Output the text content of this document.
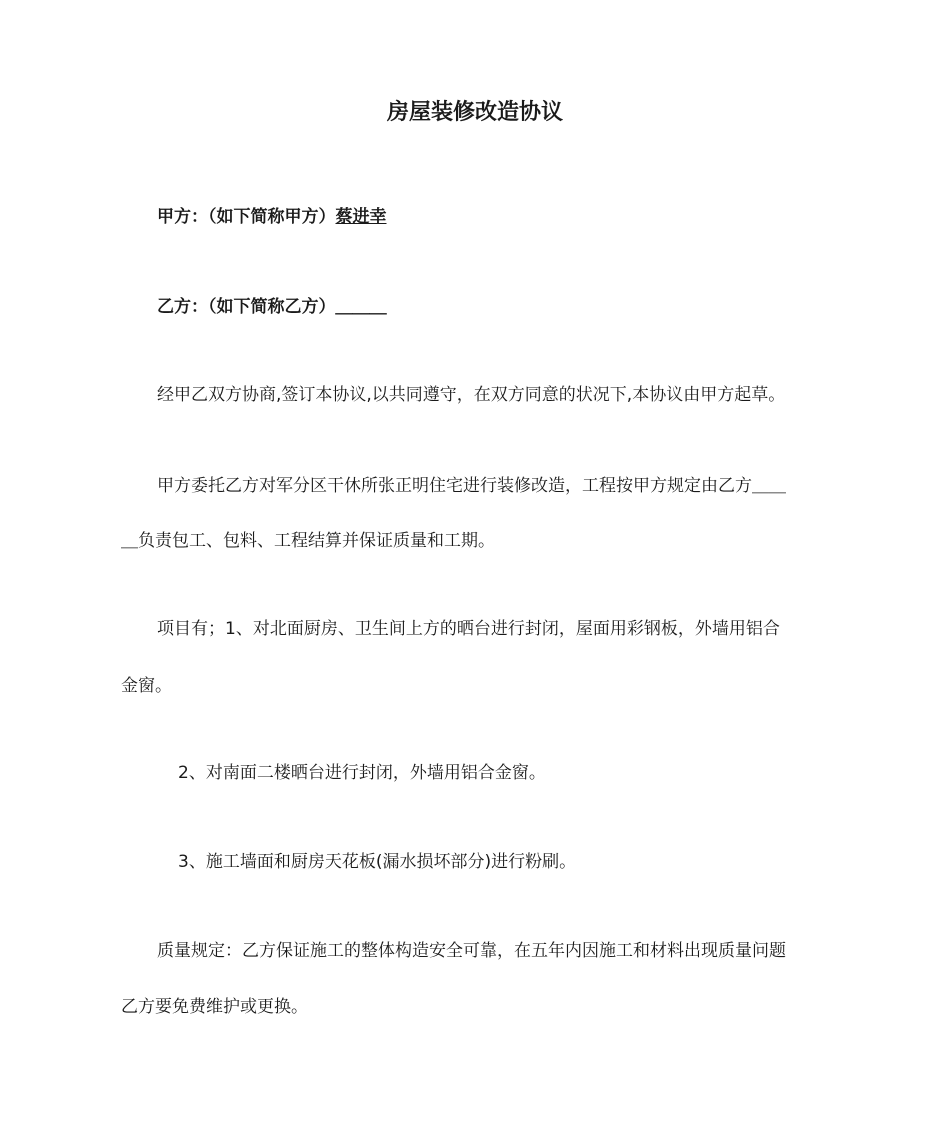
房屋装修改造协议
甲方：（如下简称甲方）蔡进幸
乙方：（如下简称乙方）＿＿＿
经甲乙双方协商,签订本协议,以共同遵守，在双方同意的状况下,本协议由甲方起草。
甲方委托乙方对军分区干休所张正明住宅进行装修改造，工程按甲方规定由乙方＿＿
＿负责包工、包料、工程结算并保证质量和工期。
项目有；1、对北面厨房、卫生间上方的晒台进行封闭，屋面用彩钢板，外墙用铝合
金窗。
2、对南面二楼晒台进行封闭，外墙用铝合金窗。
3、施工墙面和厨房天花板(漏水损坏部分)进行粉刷。
质量规定：乙方保证施工的整体构造安全可靠，在五年内因施工和材料出现质量问题
乙方要免费维护或更换。
